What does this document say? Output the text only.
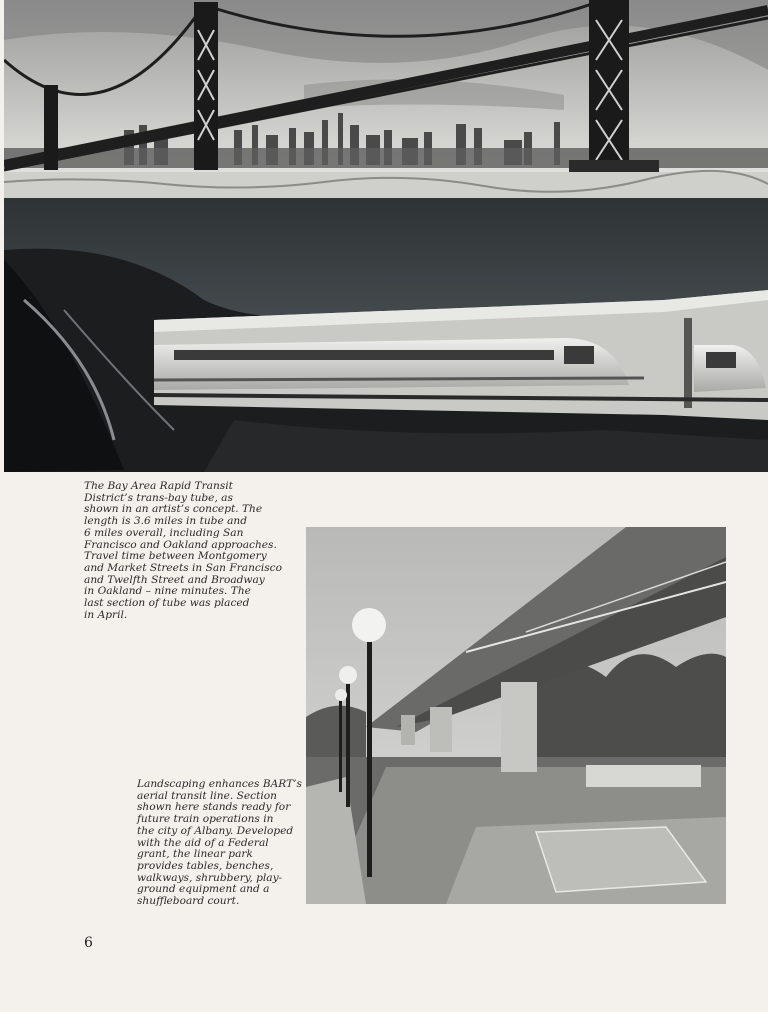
The Bay Area Rapid Transit
District’s trans-bay tube, as
shown in an artist’s concept. The
length is 3.6 miles in tube and
6 miles overall, including San
Francisco and Oakland approaches.
Travel time between Montgomery
and Market Streets in San Francisco
and Twelfth Street and Broadway
in Oakland – nine minutes. The
last section of tube was placed
in April.

Landscaping enhances BART’s
aerial transit line. Section
shown here stands ready for
future train operations in
the city of Albany. Developed
with the aid of a Federal
grant, the linear park
provides tables, benches,
walkways, shrubbery, play-
ground equipment and a
shuffleboard court.

6
